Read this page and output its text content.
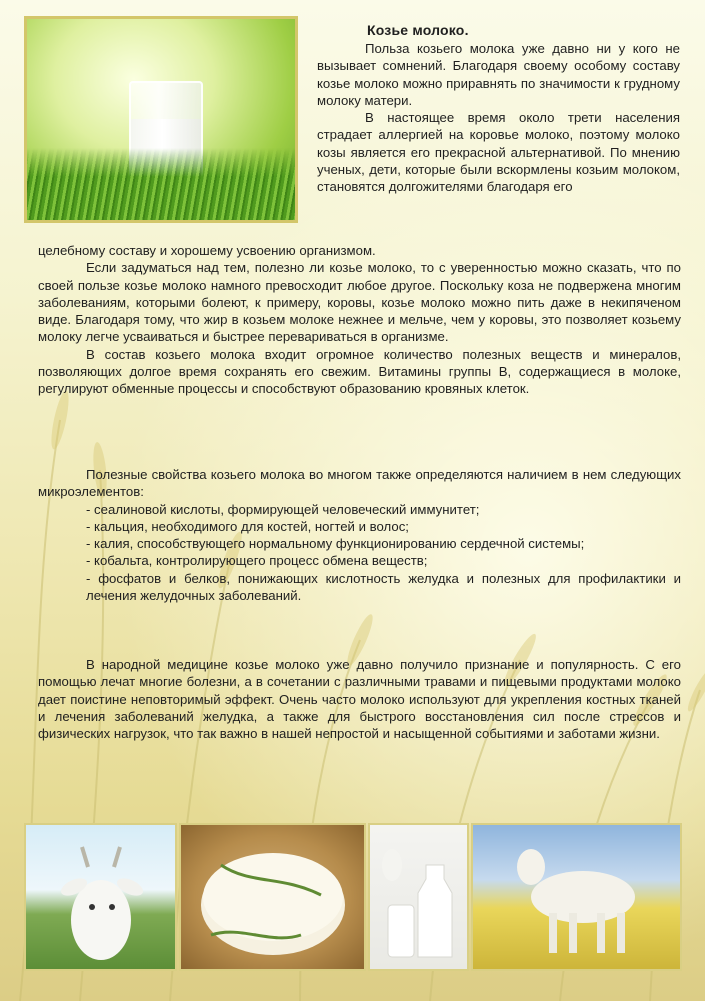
Козье молоко.

Польза козьего молока уже давно ни у кого не вызывает сомнений. Благодаря своему особому составу козье молоко можно приравнять по значимости к грудному молоку матери.

В настоящее время около трети населения страдает аллергией на коровье молоко, поэтому молоко козы является его прекрасной альтернативой. По мнению ученых, дети, которые были вскормлены козьим молоком, становятся долгожителями благодаря его

целебному составу и хорошему усвоению организмом.

Если задуматься над тем, полезно ли козье молоко, то с уверенностью можно сказать, что по своей пользе козье молоко намного превосходит любое другое. Поскольку коза не подвержена многим заболеваниям, которыми болеют, к примеру, коровы, козье молоко можно пить даже в некипяченом виде. Благодаря тому, что жир в козьем молоке нежнее и мельче, чем у коровы, это позволяет козьему молоку легче усваиваться и быстрее перевариваться в организме.

В состав козьего молока входит огромное количество полезных веществ и минералов, позволяющих долгое время сохранять его свежим. Витамины группы В, содержащиеся в молоке, регулируют обменные процессы и способствуют образованию кровяных клеток.

Полезные свойства козьего молока во многом также определяются наличием в нем следующих микроэлементов:

- сеалиновой кислоты, формирующей человеческий иммунитет;
- кальция, необходимого для костей, ногтей и волос;
- калия, способствующего нормальному функционированию сердечной системы;
- кобальта, контролирующего процесс обмена веществ;
- фосфатов и белков, понижающих кислотность желудка и полезных для профилактики и лечения желудочных заболеваний.

В народной медицине козье молоко уже давно получило признание и популярность. С его помощью лечат многие болезни, а в сочетании с различными травами и пищевыми продуктами молоко дает поистине неповторимый эффект. Очень часто молоко используют для укрепления костных тканей и лечения заболеваний желудка, а также для быстрого восстановления сил после стрессов и физических нагрузок, что так важно в нашей непростой и насыщенной событиями и заботами жизни.
